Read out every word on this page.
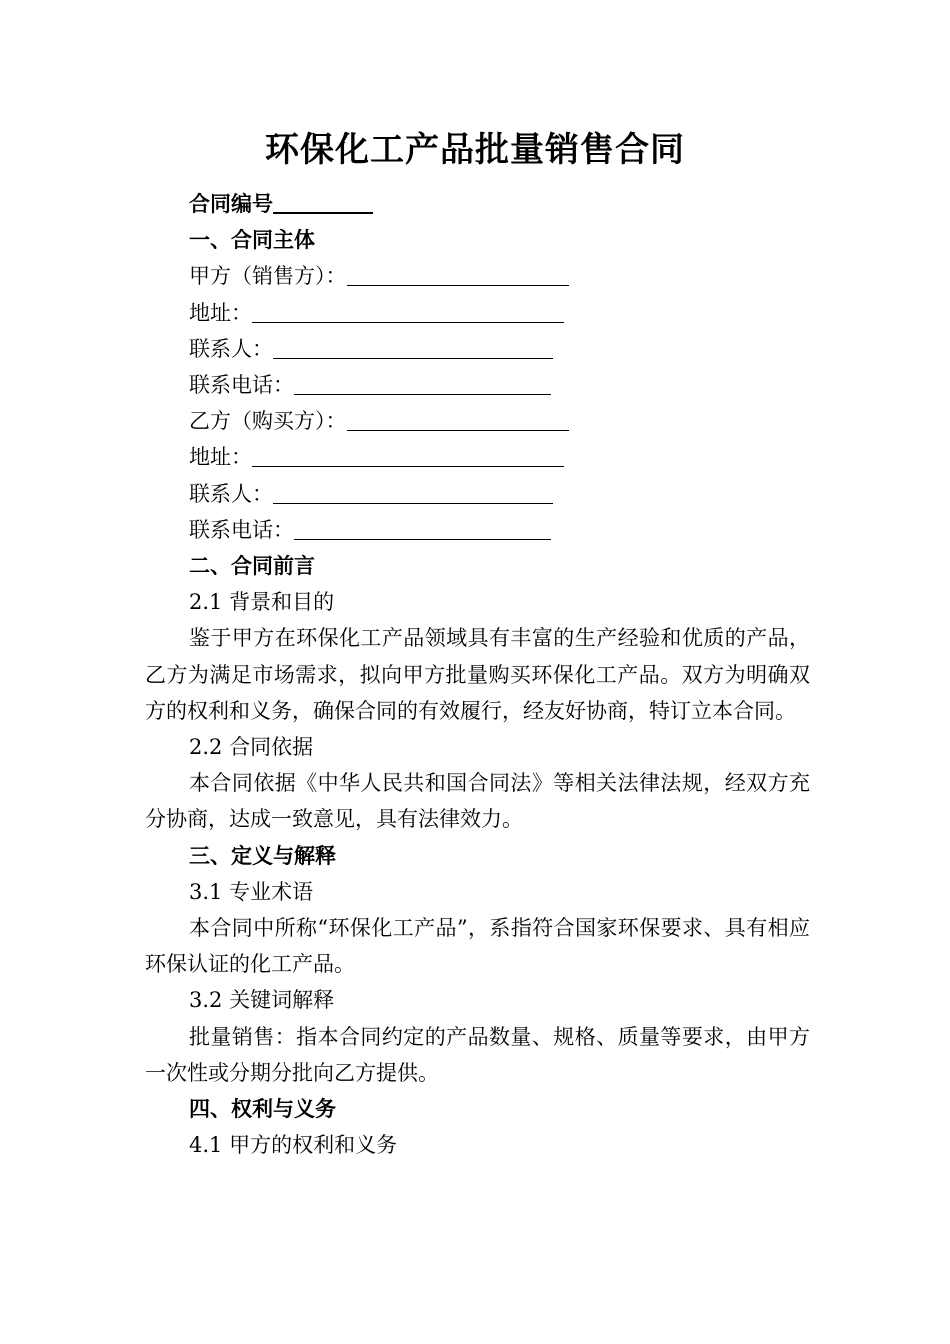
环保化工产品批量销售合同
合同编号
一、合同主体
甲方（销售方）：
地址：
联系人：
联系电话：
乙方（购买方）：
地址：
联系人：
联系电话：
二、合同前言
2.1 背景和目的
鉴于甲方在环保化工产品领域具有丰富的生产经验和优质的产品，乙方为满足市场需求，拟向甲方批量购买环保化工产品。双方为明确双方的权利和义务，确保合同的有效履行，经友好协商，特订立本合同。
2.2 合同依据
本合同依据《中华人民共和国合同法》等相关法律法规，经双方充分协商，达成一致意见，具有法律效力。
三、定义与解释
3.1 专业术语
本合同中所称“环保化工产品”，系指符合国家环保要求、具有相应环保认证的化工产品。
3.2 关键词解释
批量销售：指本合同约定的产品数量、规格、质量等要求，由甲方一次性或分期分批向乙方提供。
四、权利与义务
4.1 甲方的权利和义务
